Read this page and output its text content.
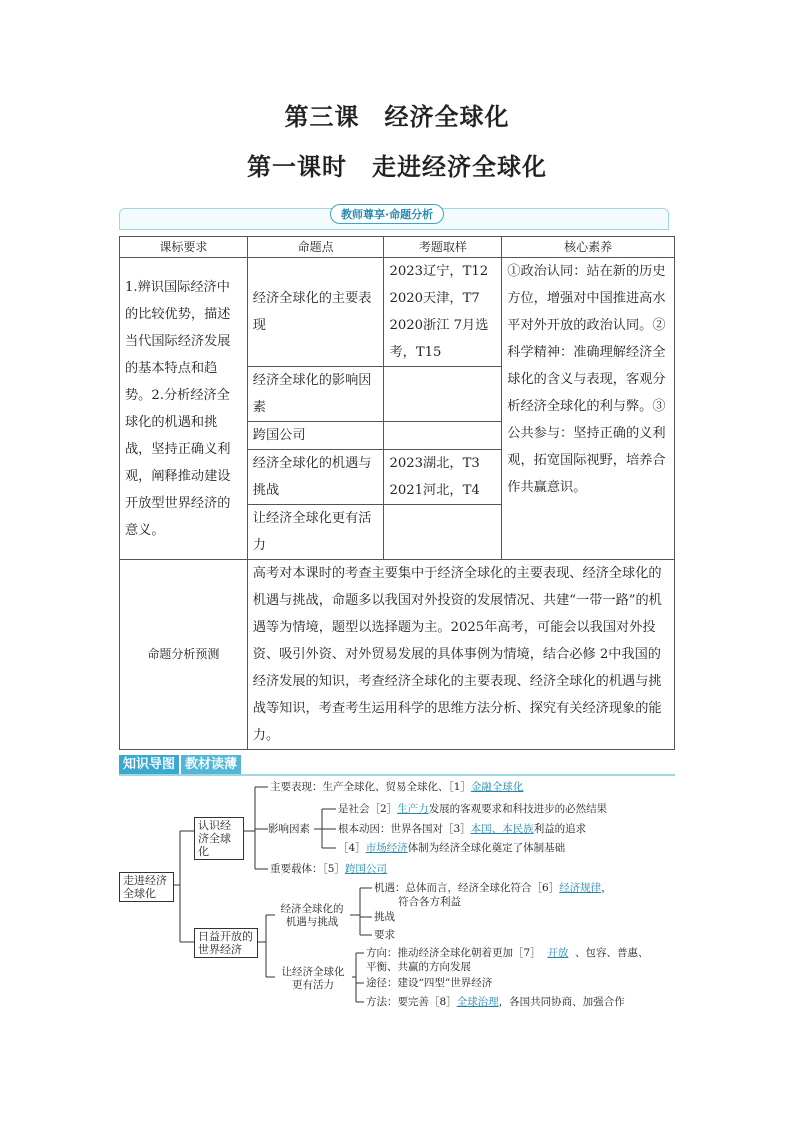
第三课　经济全球化
第一课时　走进经济全球化
教师尊享·命题分析
课标要求	命题点	考题取样	核心素养
1.辨识国际经济中的比较优势，描述当代国际经济发展的基本特点和趋势。2.分析经济全球化的机遇和挑战，坚持正确义利观，阐释推动建设开放型世界经济的意义。	经济全球化的主要表现	2023辽宁，T12 2020天津，T7 2020浙江 7月选考，T15	①政治认同：站在新的历史方位，增强对中国推进高水平对外开放的政治认同。②科学精神：准确理解经济全球化的含义与表现，客观分析经济全球化的利与弊。③公共参与：坚持正确的义利观，拓宽国际视野，培养合作共赢意识。
	经济全球化的影响因素		
	跨国公司		
	经济全球化的机遇与挑战	2023湖北，T3 2021河北，T4	
	让经济全球化更有活力		
命题分析预测	高考对本课时的考查主要集中于经济全球化的主要表现、经济全球化的机遇与挑战，命题多以我国对外投资的发展情况、共建“一带一路”的机遇等为情境，题型以选择题为主。2025年高考，可能会以我国对外投资、吸引外资、对外贸易发展的具体事例为情境，结合必修 2中我国的经济发展的知识，考查经济全球化的主要表现、经济全球化的机遇与挑战等知识，考查考生运用科学的思维方法分析、探究有关经济现象的能力。		
知识导图 教材读薄
走进经济全球化
认识经济全球化
日益开放的世界经济
主要表现：生产全球化、贸易全球化、［1］金融全球化
影响因素
是社会［2］生产力发展的客观要求和科技进步的必然结果
根本动因：世界各国对［3］本国、本民族利益的追求
［4］市场经济体制为经济全球化奠定了体制基础
重要载体：［5］跨国公司
经济全球化的机遇与挑战
机遇：总体而言，经济全球化符合［6］经济规律，
符合各方利益
挑战
要求
让经济全球化更有活力
方向：推动经济全球化朝着更加［7］  开放  、包容、普惠、
平衡、共赢的方向发展
途径：建设“四型”世界经济
方法：要完善［8］全球治理，各国共同协商、加强合作
